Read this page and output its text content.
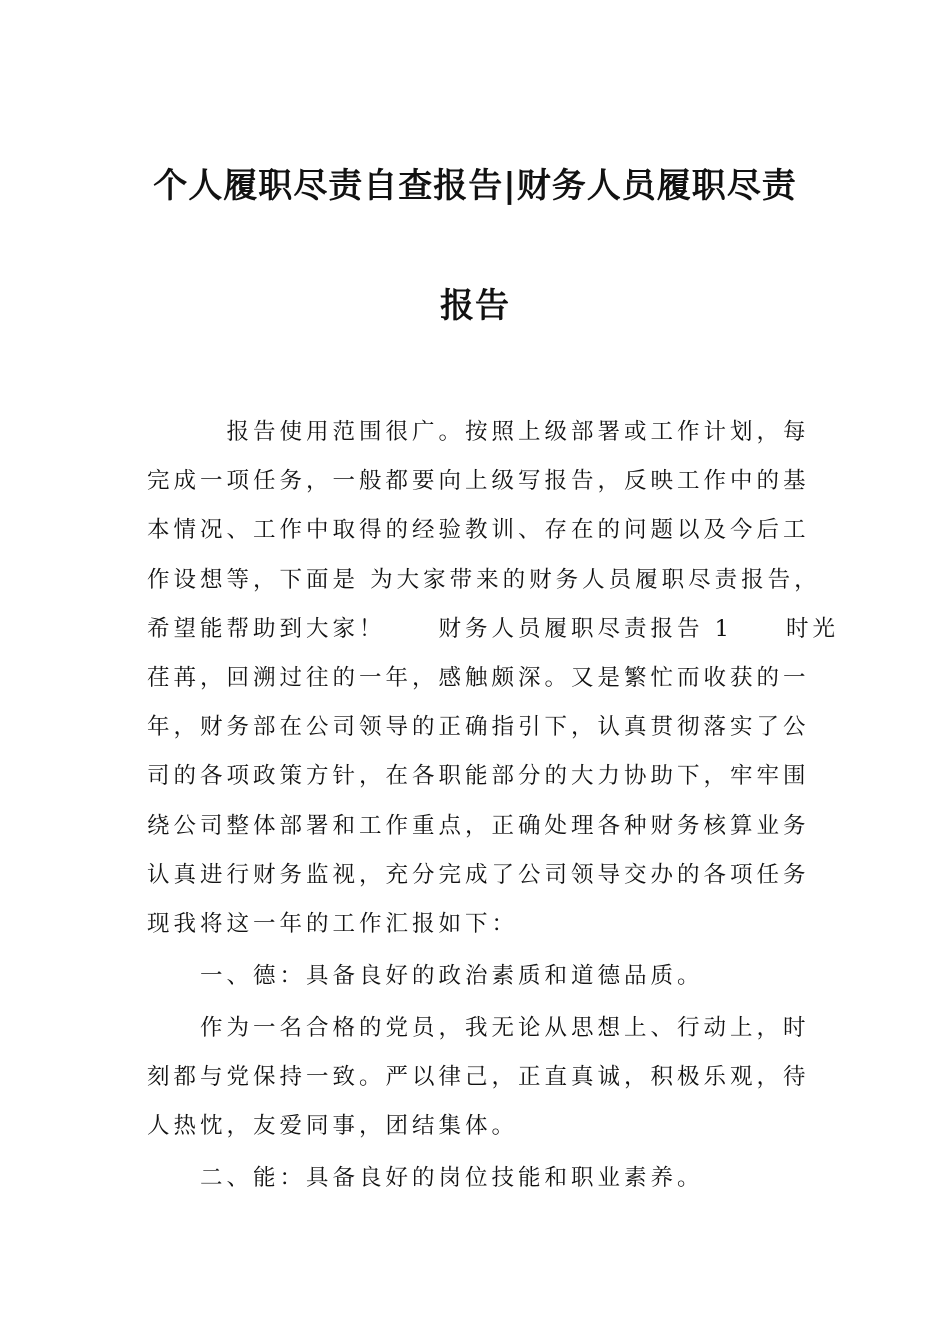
个人履职尽责自查报告|财务人员履职尽责
报告
　　　报告使用范围很广。按照上级部署或工作计划，每
完成一项任务，一般都要向上级写报告，反映工作中的基
本情况、工作中取得的经验教训、存在的问题以及今后工
作设想等，下面是 为大家带来的财务人员履职尽责报告，
希望能帮助到大家！　　财务人员履职尽责报告 1　　时光
荏苒，回溯过往的一年，感触颇深。又是繁忙而收获的一
年，财务部在公司领导的正确指引下，认真贯彻落实了公
司的各项政策方针，在各职能部分的大力协助下，牢牢围
绕公司整体部署和工作重点，正确处理各种财务核算业务
认真进行财务监视，充分完成了公司领导交办的各项任务
现我将这一年的工作汇报如下：
　　一、德：具备良好的政治素质和道德品质。
　　作为一名合格的党员，我无论从思想上、行动上，时
刻都与党保持一致。严以律己，正直真诚，积极乐观，待
人热忱，友爱同事，团结集体。
　　二、能：具备良好的岗位技能和职业素养。
